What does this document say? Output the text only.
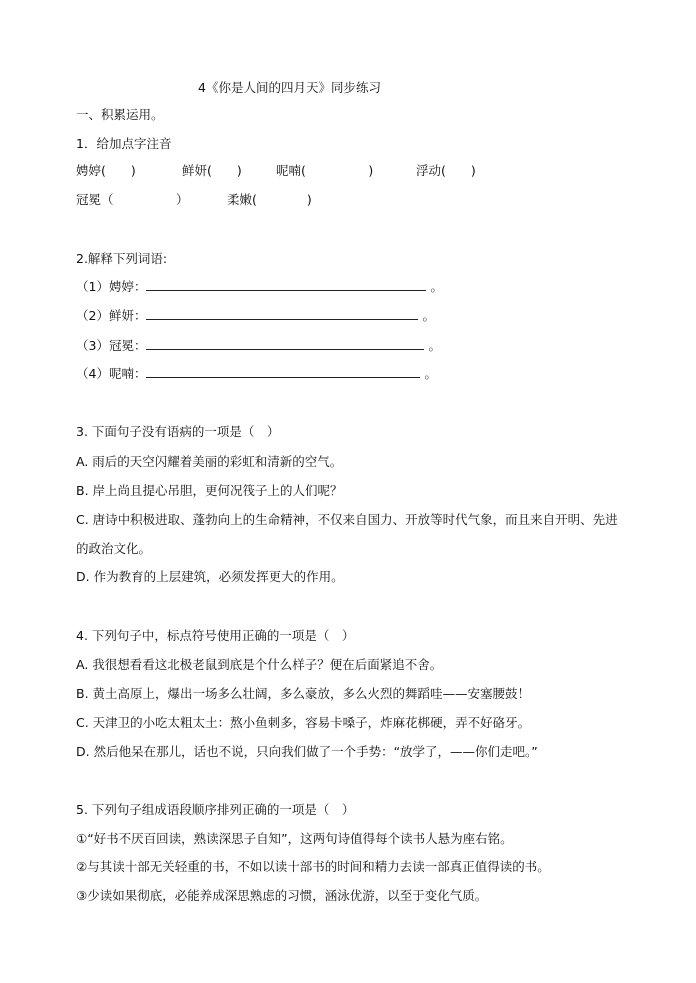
4《你是人间的四月天》同步练习
一、积累运用。
1．给加点字注音
娉婷(　　)	鲜妍(　　)	呢喃(　　　　　)	浮动(　　)
冠冕（　　　　　）	柔嫩(　　　　)
2.解释下列词语:
（1）娉婷：	。
（2）鲜妍：	。
（3）冠冕：	。
（4）呢喃：	。
3. 下面句子没有语病的一项是（　）
A. 雨后的天空闪耀着美丽的彩虹和清新的空气。
B. 岸上尚且提心吊胆，更何况筏子上的人们呢？
C. 唐诗中积极进取、蓬勃向上的生命精神，不仅来自国力、开放等时代气象，而且来自开明、先进
的政治文化。
D. 作为教育的上层建筑，必须发挥更大的作用。
4. 下列句子中，标点符号使用正确的一项是（　）
A. 我很想看看这北极老鼠到底是个什么样子？便在后面紧追不舍。
B. 黄土高原上，爆出一场多么壮阔，多么豪放，多么火烈的舞蹈哇——安塞腰鼓！
C. 天津卫的小吃太粗太土：熬小鱼刺多，容易卡嗓子，炸麻花梆硬，弄不好硌牙。
D. 然后他呆在那儿，话也不说，只向我们做了一个手势：“放学了，——你们走吧。”
5. 下列句子组成语段顺序排列正确的一项是（　）
①“好书不厌百回读，熟读深思子自知”，这两句诗值得每个读书人悬为座右铭。
②与其读十部无关轻重的书，不如以读十部书的时间和精力去读一部真正值得读的书。
③少读如果彻底，必能养成深思熟虑的习惯，涵泳优游，以至于变化气质。
